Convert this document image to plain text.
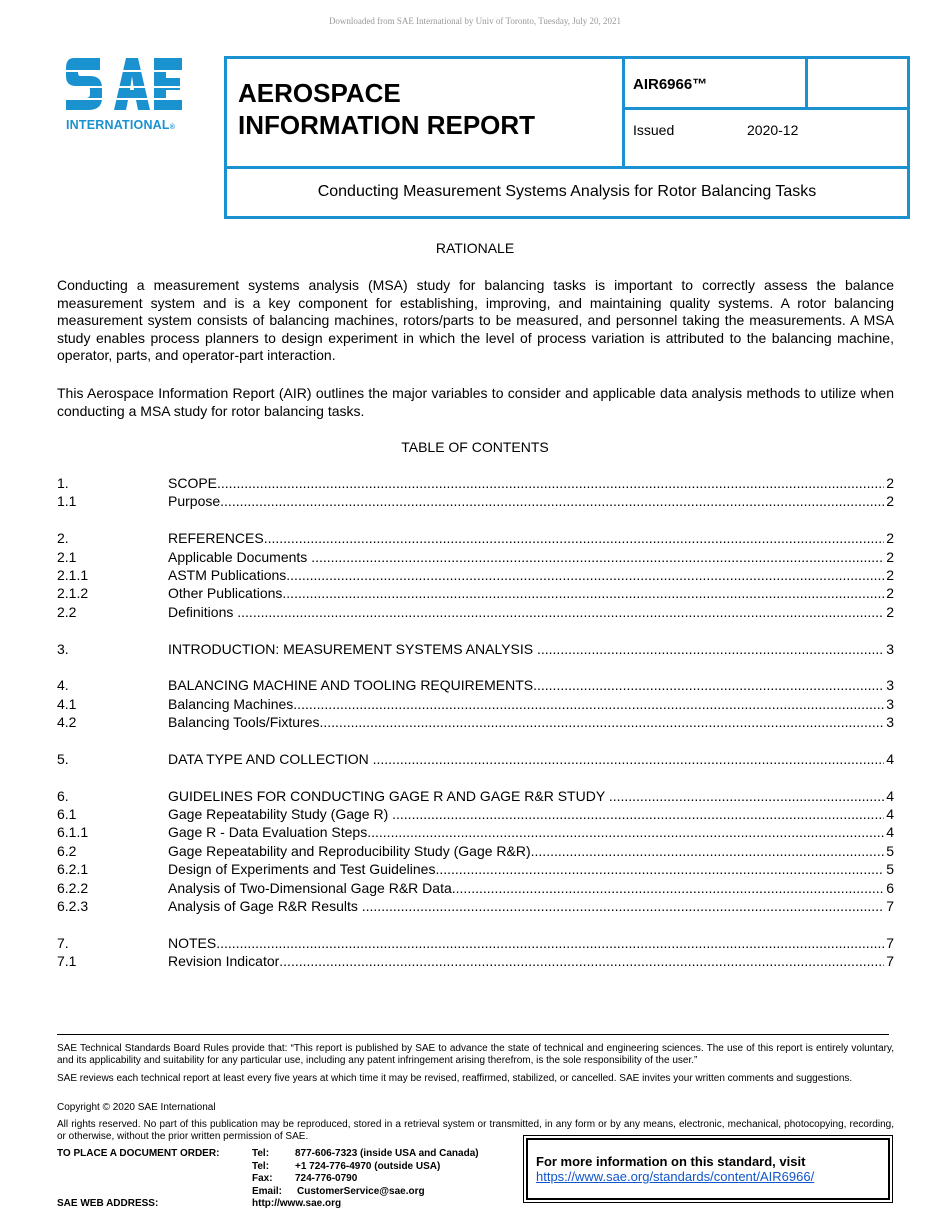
Downloaded from SAE International by Univ of Toronto, Tuesday, July 20, 2021
INTERNATIONAL®
AEROSPACE
INFORMATION REPORT
AIR6966™
Issued	2020-12
Conducting Measurement Systems Analysis for Rotor Balancing Tasks
RATIONALE
Conducting a measurement systems analysis (MSA) study for balancing tasks is important to correctly assess the balance measurement system and is a key component for establishing, improving, and maintaining quality systems. A rotor balancing measurement system consists of balancing machines, rotors/parts to be measured, and personnel taking the measurements. A MSA study enables process planners to design experiment in which the level of process variation is attributed to the balancing machine, operator, parts, and operator-part interaction.
This Aerospace Information Report (AIR) outlines the major variables to consider and applicable data analysis methods to utilize when conducting a MSA study for rotor balancing tasks.
TABLE OF CONTENTS
1.	SCOPE .....	2
1.1	Purpose .....	2
2.	REFERENCES .....	2
2.1	Applicable Documents .....	2
2.1.1	ASTM Publications .....	2
2.1.2	Other Publications .....	2
2.2	Definitions .....	2
3.	INTRODUCTION: MEASUREMENT SYSTEMS ANALYSIS .....	3
4.	BALANCING MACHINE AND TOOLING REQUIREMENTS .....	3
4.1	Balancing Machines .....	3
4.2	Balancing Tools/Fixtures .....	3
5.	DATA TYPE AND COLLECTION .....	4
6.	GUIDELINES FOR CONDUCTING GAGE R AND GAGE R&R STUDY .....	4
6.1	Gage Repeatability Study (Gage R) .....	4
6.1.1	Gage R - Data Evaluation Steps .....	4
6.2	Gage Repeatability and Reproducibility Study (Gage R&R) .....	5
6.2.1	Design of Experiments and Test Guidelines .....	5
6.2.2	Analysis of Two-Dimensional Gage R&R Data .....	6
6.2.3	Analysis of Gage R&R Results .....	7
7.	NOTES .....	7
7.1	Revision Indicator .....	7
SAE Technical Standards Board Rules provide that: “This report is published by SAE to advance the state of technical and engineering sciences. The use of this report is entirely voluntary, and its applicability and suitability for any particular use, including any patent infringement arising therefrom, is the sole responsibility of the user.”
SAE reviews each technical report at least every five years at which time it may be revised, reaffirmed, stabilized, or cancelled. SAE invites your written comments and suggestions.
Copyright © 2020 SAE International
All rights reserved. No part of this publication may be reproduced, stored in a retrieval system or transmitted, in any form or by any means, electronic, mechanical, photocopying, recording, or otherwise, without the prior written permission of SAE.
TO PLACE A DOCUMENT ORDER:	Tel:	877-606-7323 (inside USA and Canada)
Tel:	+1 724-776-4970 (outside USA)
Fax: 724-776-0790
Email: CustomerService@sae.org
SAE WEB ADDRESS:	http://www.sae.org
For more information on this standard, visit
https://www.sae.org/standards/content/AIR6966/
